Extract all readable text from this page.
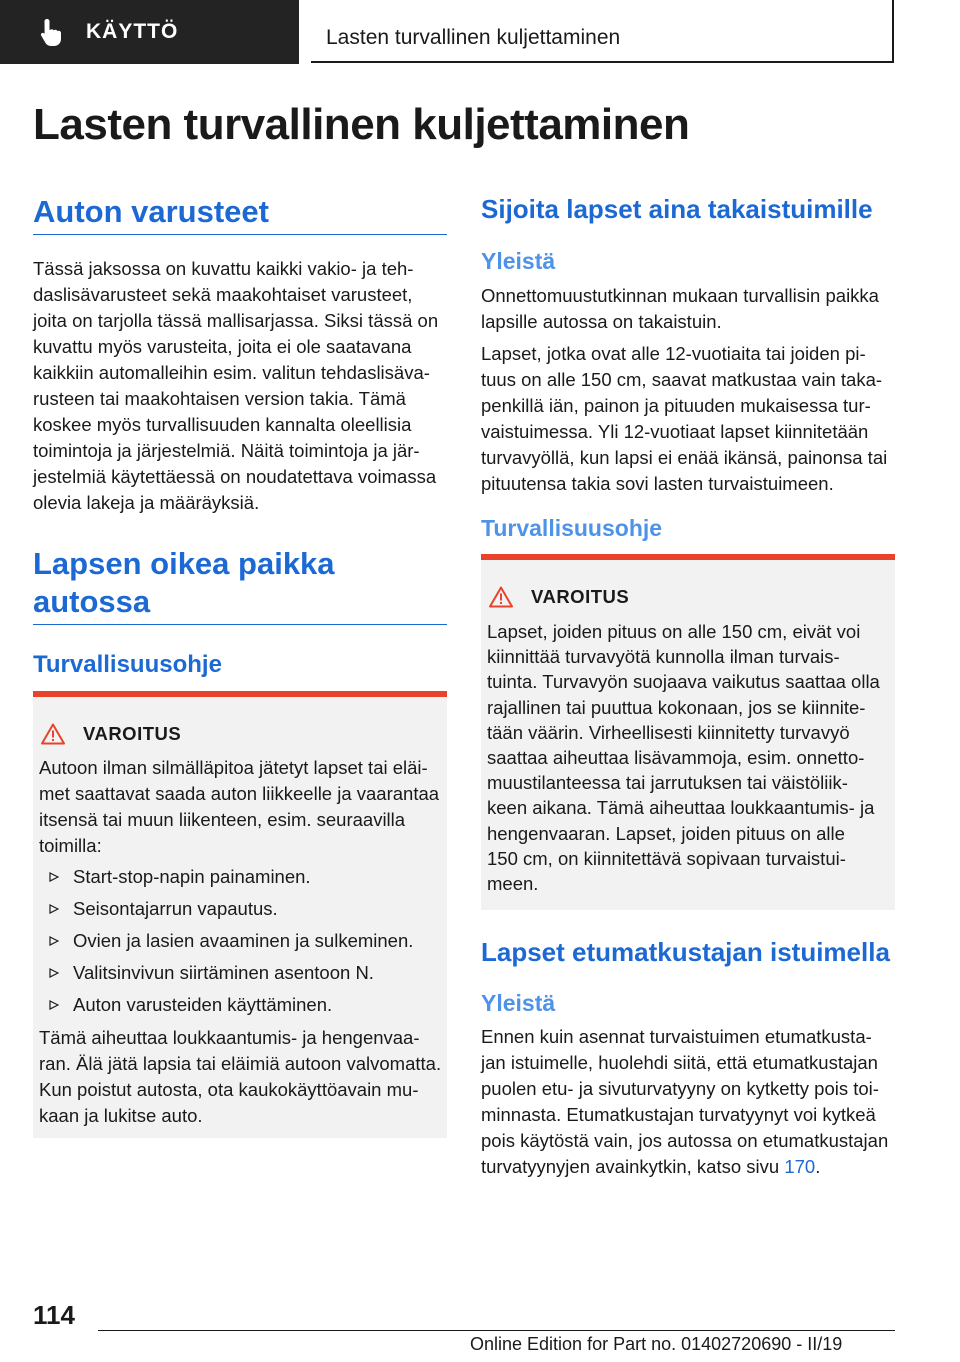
KÄYTTÖ	Lasten turvallinen kuljettaminen
Lasten turvallinen kuljettaminen
Auton varusteet
Tässä jaksossa on kuvattu kaikki vakio- ja teh-
daslisävarusteet sekä maakohtaiset varusteet,
joita on tarjolla tässä mallisarjassa. Siksi tässä on
kuvattu myös varusteita, joita ei ole saatavana
kaikkiin automalleihin esim. valitun tehdaslisäva-
rusteen tai maakohtaisen version takia. Tämä
koskee myös turvallisuuden kannalta oleellisia
toimintoja ja järjestelmiä. Näitä toimintoja ja jär-
jestelmiä käytettäessä on noudatettava voimassa
olevia lakeja ja määräyksiä.
Lapsen oikea paikka
autossa
Turvallisuusohje
VAROITUS
Autoon ilman silmälläpitoa jätetyt lapset tai eläi-
met saattavat saada auton liikkeelle ja vaarantaa
itsensä tai muun liikenteen, esim. seuraavilla
toimilla:
Start-stop-napin painaminen.
Seisontajarrun vapautus.
Ovien ja lasien avaaminen ja sulkeminen.
Valitsinvivun siirtäminen asentoon N.
Auton varusteiden käyttäminen.
Tämä aiheuttaa loukkaantumis- ja hengenvaa-
ran. Älä jätä lapsia tai eläimiä autoon valvomatta.
Kun poistut autosta, ota kaukokäyttöavain mu-
kaan ja lukitse auto.
Sijoita lapset aina takaistuimille
Yleistä
Onnettomuustutkinnan mukaan turvallisin paikka
lapsille autossa on takaistuin.
Lapset, jotka ovat alle 12-vuotiaita tai joiden pi-
tuus on alle 150 cm, saavat matkustaa vain taka-
penkillä iän, painon ja pituuden mukaisessa tur-
vaistuimessa. Yli 12-vuotiaat lapset kiinnitetään
turvavyöllä, kun lapsi ei enää ikänsä, painonsa tai
pituutensa takia sovi lasten turvaistuimeen.
Turvallisuusohje
VAROITUS
Lapset, joiden pituus on alle 150 cm, eivät voi
kiinnittää turvavyötä kunnolla ilman turvais-
tuinta. Turvavyön suojaava vaikutus saattaa olla
rajallinen tai puuttua kokonaan, jos se kiinnite-
tään väärin. Virheellisesti kiinnitetty turvavyö
saattaa aiheuttaa lisävammoja, esim. onnetto-
muustilanteessa tai jarrutuksen tai väistöliik-
keen aikana. Tämä aiheuttaa loukkaantumis- ja
hengenvaaran. Lapset, joiden pituus on alle
150 cm, on kiinnitettävä sopivaan turvaistui-
meen.
Lapset etumatkustajan istuimella
Yleistä
Ennen kuin asennat turvaistuimen etumatkusta-
jan istuimelle, huolehdi siitä, että etumatkustajan
puolen etu- ja sivuturvatyyny on kytketty pois toi-
minnasta. Etumatkustajan turvatyynyt voi kytkeä
pois käytöstä vain, jos autossa on etumatkustajan
turvatyynyjen avainkytkin, katso sivu 170.
114
Online Edition for Part no. 01402720690 - II/19
